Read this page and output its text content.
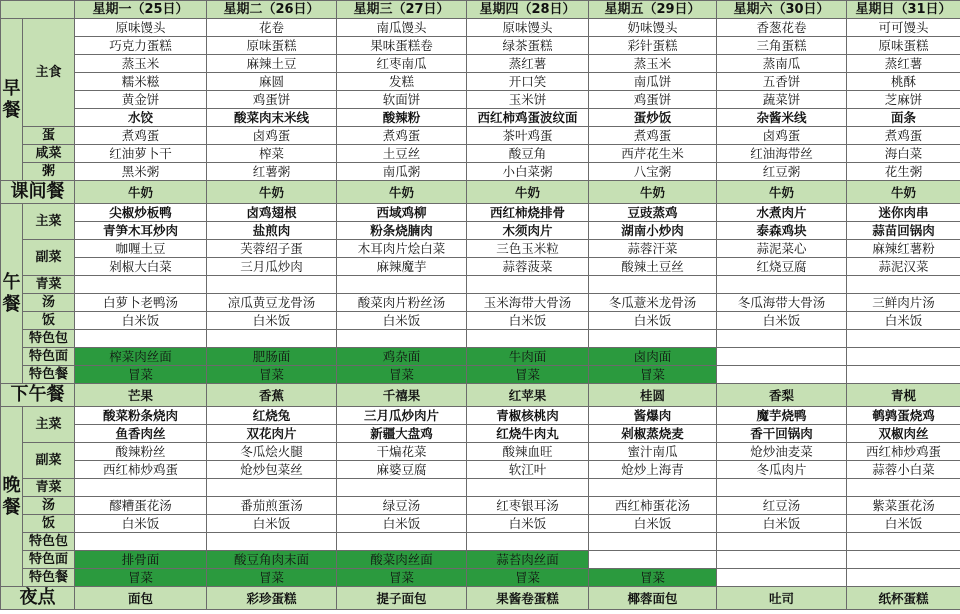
		星期一（25日）	星期二（26日）	星期三（27日）	星期四（28日）	星期五（29日）	星期六（30日）	星期日（31日）
早餐	主食	原味馒头	花卷	南瓜馒头	原味馒头	奶味馒头	香葱花卷	可可馒头
		巧克力蛋糕	原味蛋糕	果味蛋糕卷	绿茶蛋糕	彩针蛋糕	三角蛋糕	原味蛋糕
		蒸玉米	麻辣土豆	红枣南瓜	蒸红薯	蒸玉米	蒸南瓜	蒸红薯
		糯米糍	麻圆	发糕	开口笑	南瓜饼	五香饼	桃酥
		黄金饼	鸡蛋饼	软面饼	玉米饼	鸡蛋饼	蔬菜饼	芝麻饼
		水饺	酸菜肉末米线	酸辣粉	西红柿鸡蛋波纹面	蛋炒饭	杂酱米线	面条
	蛋	煮鸡蛋	卤鸡蛋	煮鸡蛋	茶叶鸡蛋	煮鸡蛋	卤鸡蛋	煮鸡蛋
	咸菜	红油萝卜干	榨菜	土豆丝	酸豆角	西芹花生米	红油海带丝	海白菜
	粥	黑米粥	红薯粥	南瓜粥	小白菜粥	八宝粥	红豆粥	花生粥
课间餐		牛奶	牛奶	牛奶	牛奶	牛奶	牛奶	牛奶
午餐	主菜	尖椒炒板鸭	卤鸡翅根	西域鸡柳	西红柿烧排骨	豆豉蒸鸡	水煮肉片	迷你肉串
		青笋木耳炒肉	盐煎肉	粉条烧腩肉	木须肉片	湖南小炒肉	泰森鸡块	蒜苗回锅肉
	副菜	咖喱土豆	芙蓉绍子蛋	木耳肉片烩白菜	三色玉米粒	蒜蓉汗菜	蒜泥菜心	麻辣红薯粉
		剁椒大白菜	三月瓜炒肉	麻辣魔芋	蒜蓉菠菜	酸辣土豆丝	红烧豆腐	蒜泥汉菜
	青菜							
	汤	白萝卜老鸭汤	凉瓜黄豆龙骨汤	酸菜肉片粉丝汤	玉米海带大骨汤	冬瓜薏米龙骨汤	冬瓜海带大骨汤	三鲜肉片汤
	饭	白米饭	白米饭	白米饭	白米饭	白米饭	白米饭	白米饭
	特色包							
	特色面	榨菜肉丝面	肥肠面	鸡杂面	牛肉面	卤肉面		
	特色餐	冒菜	冒菜	冒菜	冒菜	冒菜		
下午餐		芒果	香蕉	千禧果	红苹果	桂圆	香梨	青枧
晚餐	主菜	酸菜粉条烧肉	红烧兔	三月瓜炒肉片	青椒核桃肉	酱爆肉	魔芋烧鸭	鹌鹑蛋烧鸡
		鱼香肉丝	双花肉片	新疆大盘鸡	红烧牛肉丸	剁椒蒸烧麦	香干回锅肉	双椒肉丝
	副菜	酸辣粉丝	冬瓜烩火腿	干煸花菜	酸辣血旺	蜜汁南瓜	炝炒油麦菜	西红柿炒鸡蛋
		西红柿炒鸡蛋	炝炒包菜丝	麻婆豆腐	软江叶	炝炒上海青	冬瓜肉片	蒜蓉小白菜
	青菜							
	汤	醪糟蛋花汤	番茄煎蛋汤	绿豆汤	红枣银耳汤	西红柿蛋花汤	红豆汤	紫菜蛋花汤
	饭	白米饭	白米饭	白米饭	白米饭	白米饭	白米饭	白米饭
	特色包							
	特色面	排骨面	酸豆角肉末面	酸菜肉丝面	蒜苔肉丝面			
	特色餐	冒菜	冒菜	冒菜	冒菜	冒菜		
夜点		面包	彩珍蛋糕	提子面包	果酱卷蛋糕	椰蓉面包	吐司	纸杯蛋糕
